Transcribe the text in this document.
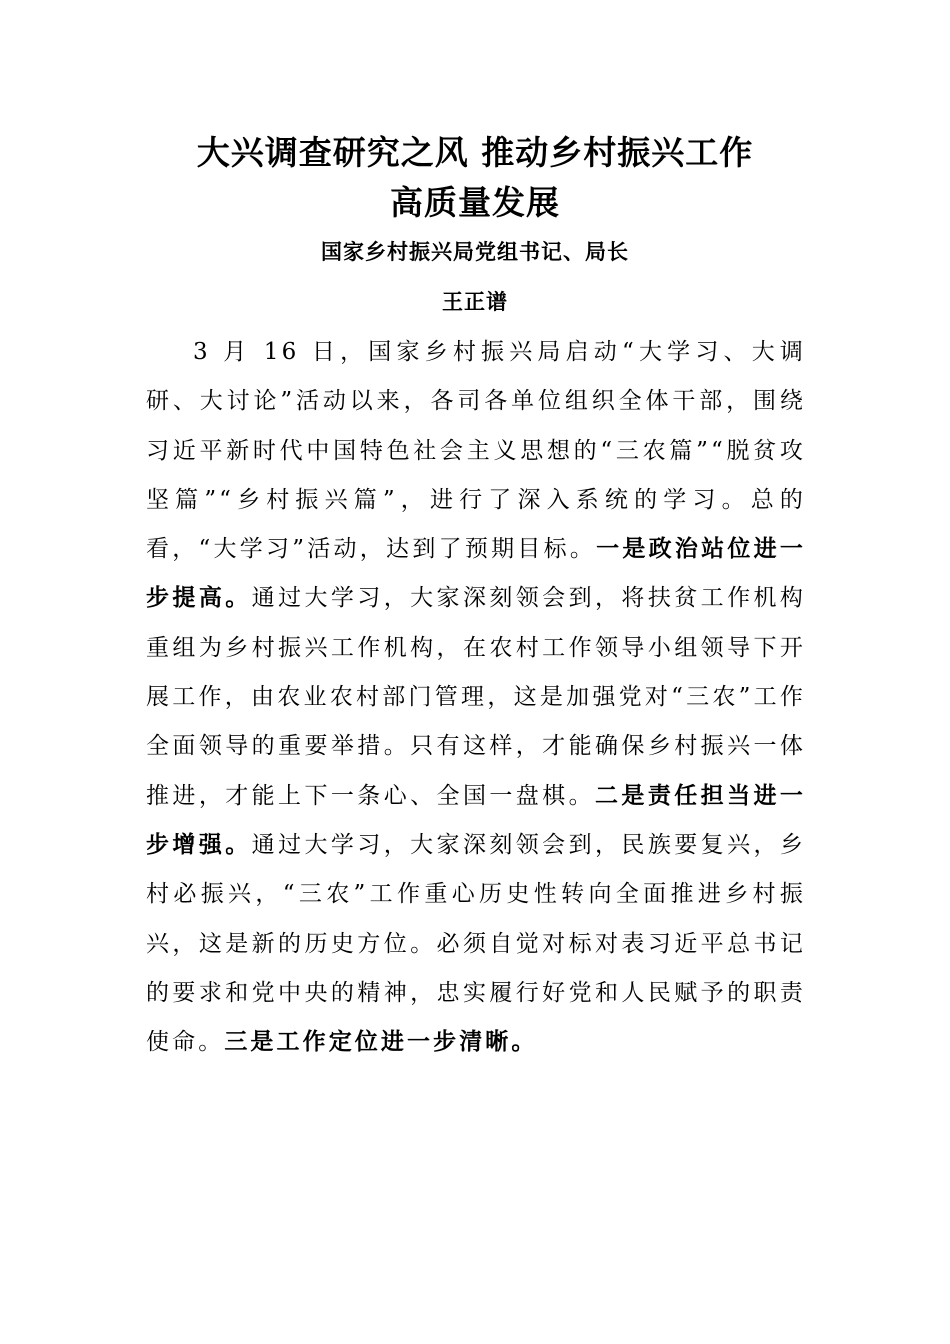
大兴调查研究之风 推动乡村振兴工作
高质量发展
国家乡村振兴局党组书记、局长
王正谱

3 月 16 日，国家乡村振兴局启动“大学习、大调研、大讨论”活动以来，各司各单位组织全体干部，围绕习近平新时代中国特色社会主义思想的“三农篇”“脱贫攻坚篇”“乡村振兴篇”，进行了深入系统的学习。总的看，“大学习”活动，达到了预期目标。一是政治站位进一步提高。通过大学习，大家深刻领会到，将扶贫工作机构重组为乡村振兴工作机构，在农村工作领导小组领导下开展工作，由农业农村部门管理，这是加强党对“三农”工作全面领导的重要举措。只有这样，才能确保乡村振兴一体推进，才能上下一条心、全国一盘棋。二是责任担当进一步增强。通过大学习，大家深刻领会到，民族要复兴，乡村必振兴，“三农”工作重心历史性转向全面推进乡村振兴，这是新的历史方位。必须自觉对标对表习近平总书记的要求和党中央的精神，忠实履行好党和人民赋予的职责使命。三是工作定位进一步清晰。
